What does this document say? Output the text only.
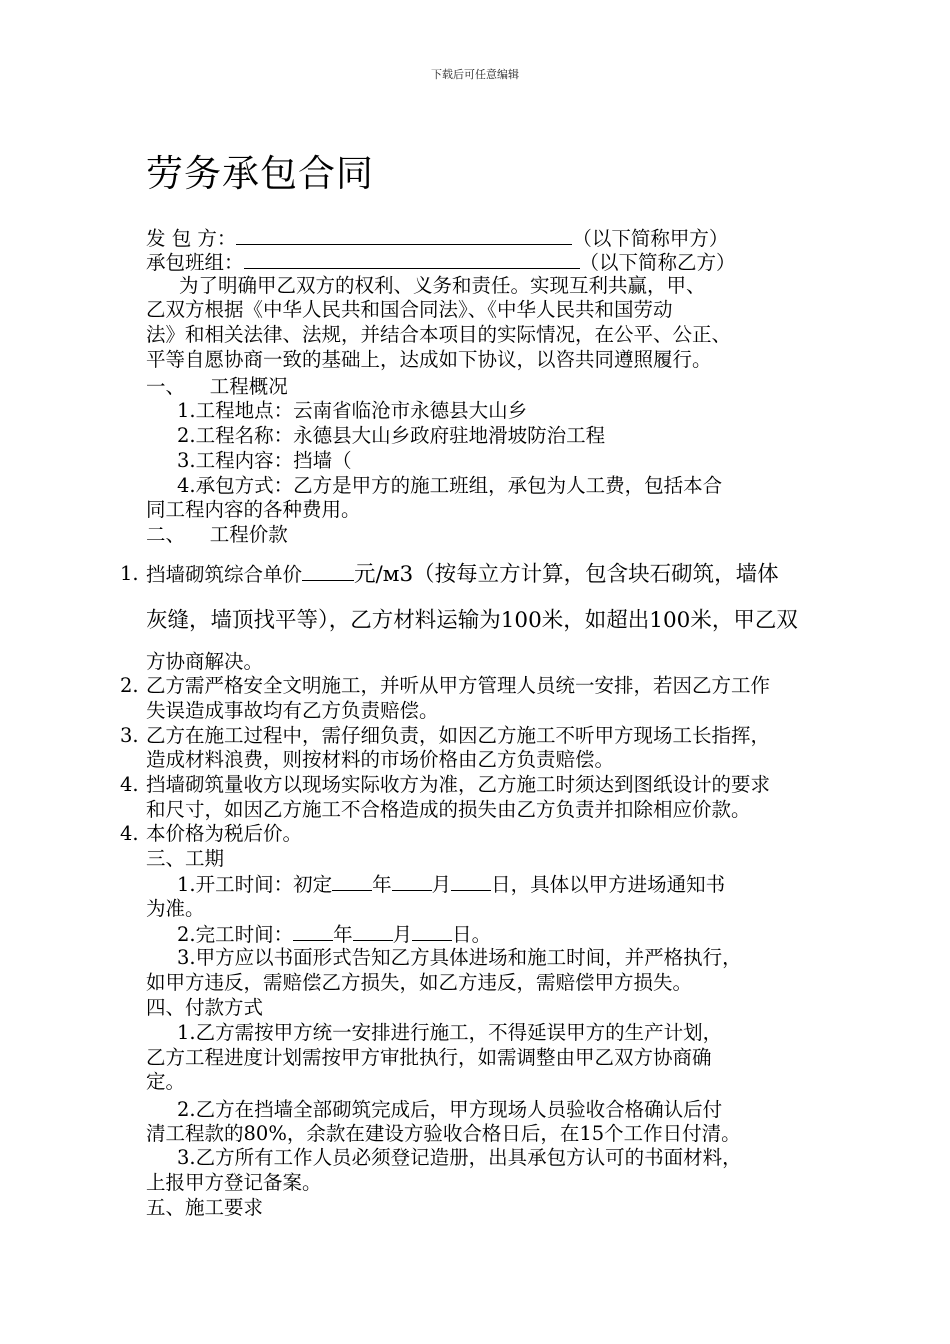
下载后可任意编辑
劳务承包合同
发 包 方：	（以下简称甲方）
承包班组：	（以下简称乙方）
为了明确甲乙双方的权利、义务和责任。实现互利共赢，甲、
乙双方根据《中华人民共和国合同法》、《中华人民共和国劳动
法》和相关法律、法规，并结合本项目的实际情况，在公平、公正、
平等自愿协商一致的基础上，达成如下协议，以咨共同遵照履行。
一、    工程概况
1.工程地点：云南省临沧市永德县大山乡
2.工程名称：永德县大山乡政府驻地滑坡防治工程
3.工程内容：挡墙（
4.承包方式：乙方是甲方的施工班组，承包为人工费，包括本合
同工程内容的各种费用。
二、    工程价款
1. 挡墙砌筑综合单价 元/м3（按每立方计算，包含块石砌筑，墙体
灰缝，墙顶找平等），乙方材料运输为100米，如超出100米，甲乙双
方协商解决。
2. 乙方需严格安全文明施工，并听从甲方管理人员统一安排，若因乙方工作
失误造成事故均有乙方负责赔偿。
3. 乙方在施工过程中，需仔细负责，如因乙方施工不听甲方现场工长指挥，
造成材料浪费，则按材料的市场价格由乙方负责赔偿。
4. 挡墙砌筑量收方以现场实际收方为准，乙方施工时须达到图纸设计的要求
和尺寸，如因乙方施工不合格造成的损失由乙方负责并扣除相应价款。
4. 本价格为税后价。
三、工期
1.开工时间：初定 年 月 日，具体以甲方进场通知书
为准。
2.完工时间： 年 月 日。
3.甲方应以书面形式告知乙方具体进场和施工时间，并严格执行，
如甲方违反，需赔偿乙方损失，如乙方违反，需赔偿甲方损失。
四、付款方式
1.乙方需按甲方统一安排进行施工，不得延误甲方的生产计划，
乙方工程进度计划需按甲方审批执行，如需调整由甲乙双方协商确
定。
2.乙方在挡墙全部砌筑完成后，甲方现场人员验收合格确认后付
清工程款的80%，余款在建设方验收合格日后，在15个工作日付清。
3.乙方所有工作人员必须登记造册，出具承包方认可的书面材料，
上报甲方登记备案。
五、施工要求
